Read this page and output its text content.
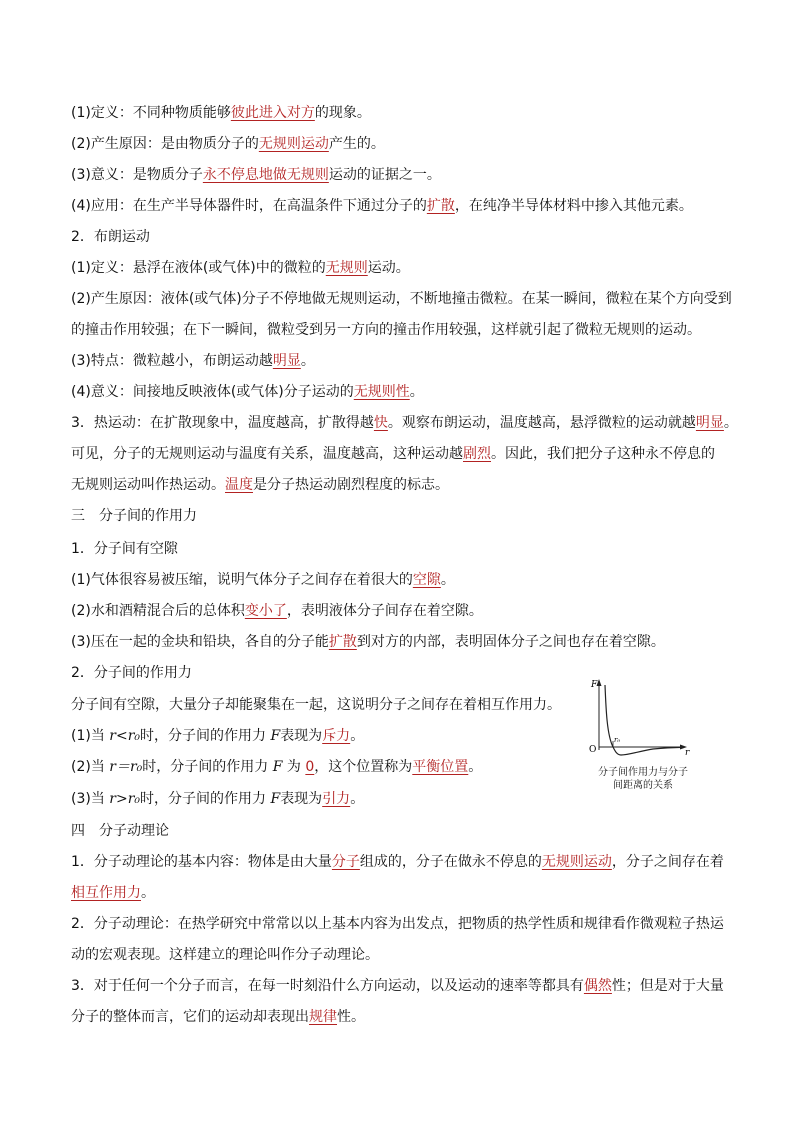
(1)定义：不同种物质能够彼此进入对方的现象。
(2)产生原因：是由物质分子的无规则运动产生的。
(3)意义：是物质分子永不停息地做无规则运动的证据之一。
(4)应用：在生产半导体器件时，在高温条件下通过分子的扩散，在纯净半导体材料中掺入其他元素。
2．布朗运动
(1)定义：悬浮在液体(或气体)中的微粒的无规则运动。
(2)产生原因：液体(或气体)分子不停地做无规则运动，不断地撞击微粒。在某一瞬间，微粒在某个方向受到
的撞击作用较强；在下一瞬间，微粒受到另一方向的撞击作用较强，这样就引起了微粒无规则的运动。
(3)特点：微粒越小，布朗运动越明显。
(4)意义：间接地反映液体(或气体)分子运动的无规则性。
3．热运动：在扩散现象中，温度越高，扩散得越快。观察布朗运动，温度越高，悬浮微粒的运动就越明显。
可见，分子的无规则运动与温度有关系，温度越高，这种运动越剧烈。因此，我们把分子这种永不停息的
无规则运动叫作热运动。温度是分子热运动剧烈程度的标志。
三　分子间的作用力
1．分子间有空隙
(1)气体很容易被压缩，说明气体分子之间存在着很大的空隙。
(2)水和酒精混合后的总体积变小了，表明液体分子间存在着空隙。
(3)压在一起的金块和铅块，各自的分子能扩散到对方的内部，表明固体分子之间也存在着空隙。
2．分子间的作用力
分子间有空隙，大量分子却能聚集在一起，这说明分子之间存在着相互作用力。
(1)当 r<r₀时，分子间的作用力 F表现为斥力。
(2)当 r＝r₀时，分子间的作用力 F 为 0，这个位置称为平衡位置。
(3)当 r>r₀时，分子间的作用力 F表现为引力。
F
O	r
r₀
分子间作用力与分子
间距离的关系
四　分子动理论
1．分子动理论的基本内容：物体是由大量分子组成的，分子在做永不停息的无规则运动，分子之间存在着
相互作用力。
2．分子动理论：在热学研究中常常以以上基本内容为出发点，把物质的热学性质和规律看作微观粒子热运
动的宏观表现。这样建立的理论叫作分子动理论。
3．对于任何一个分子而言，在每一时刻沿什么方向运动，以及运动的速率等都具有偶然性；但是对于大量
分子的整体而言，它们的运动却表现出规律性。
